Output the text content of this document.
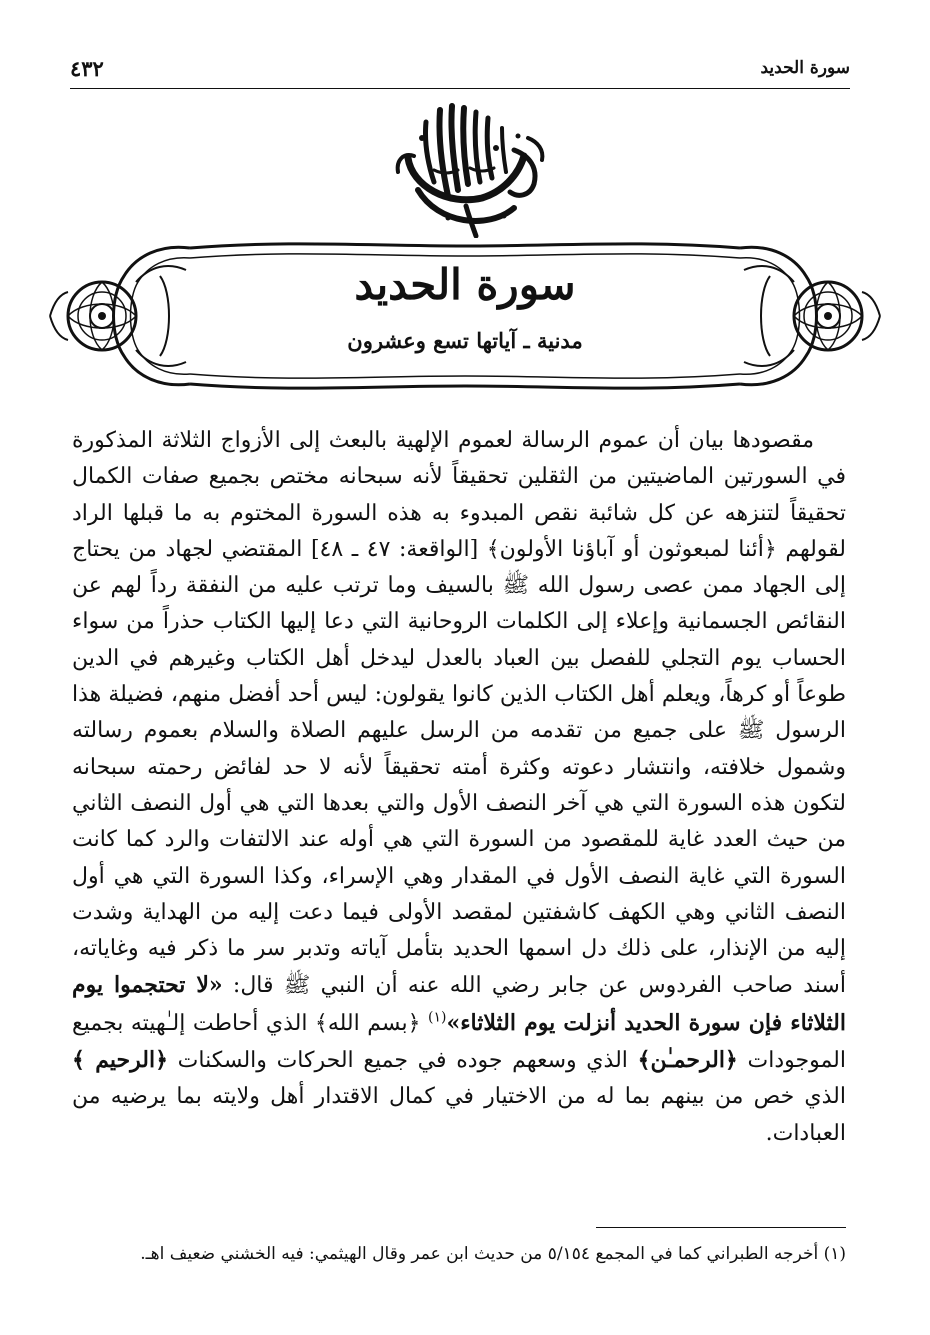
سورة الحديد
٤٣٢
سورة الحديد
مدنية ـ آياتها تسع وعشرون

مقصودها بيان أن عموم الرسالة لعموم الإلهية بالبعث إلى الأزواج الثلاثة المذكورة في السورتين الماضيتين من الثقلين تحقيقاً لأنه سبحانه مختص بجميع صفات الكمال تحقيقاً لتنزهه عن كل شائبة نقص المبدوء به هذه السورة المختوم به ما قبلها الراد لقولهم ﴿أئنا لمبعوثون أو آباؤنا الأولون﴾ [الواقعة: ٤٧ ـ ٤٨] المقتضي لجهاد من يحتاج إلى الجهاد ممن عصى رسول الله ﷺ بالسيف وما ترتب عليه من النفقة رداً لهم عن النقائص الجسمانية وإعلاء إلى الكلمات الروحانية التي دعا إليها الكتاب حذراً من سواء الحساب يوم التجلي للفصل بين العباد بالعدل ليدخل أهل الكتاب وغيرهم في الدين طوعاً أو كرهاً، ويعلم أهل الكتاب الذين كانوا يقولون: ليس أحد أفضل منهم، فضيلة هذا الرسول ﷺ على جميع من تقدمه من الرسل عليهم الصلاة والسلام بعموم رسالته وشمول خلافته، وانتشار دعوته وكثرة أمته تحقيقاً لأنه لا حد لفائض رحمته سبحانه لتكون هذه السورة التي هي آخر النصف الأول والتي بعدها التي هي أول النصف الثاني من حيث العدد غاية للمقصود من السورة التي هي أوله عند الالتفات والرد كما كانت السورة التي غاية النصف الأول في المقدار وهي الإسراء، وكذا السورة التي هي أول النصف الثاني وهي الكهف كاشفتين لمقصد الأولى فيما دعت إليه من الهداية وشدت إليه من الإنذار، على ذلك دل اسمها الحديد بتأمل آياته وتدبر سر ما ذكر فيه وغاياته، أسند صاحب الفردوس عن جابر رضي الله عنه أن النبي ﷺ قال: «لا تحتجموا يوم الثلاثاء فإن سورة الحديد أنزلت يوم الثلاثاء»$^{(١)}$ ﴿بسم الله﴾ الذي أحاطت إلـٰهيته بجميع الموجودات ﴿الرحمـٰن﴾ الذي وسعهم جوده في جميع الحركات والسكنات ﴿الرحيم ﴾ الذي خص من بينهم بما له من الاختيار في كمال الاقتدار أهل ولايته بما يرضيه من العبادات.

(١) أخرجه الطبراني كما في المجمع ٥/١٥٤ من حديث ابن عمر وقال الهيثمي: فيه الخشني ضعيف اهـ.
